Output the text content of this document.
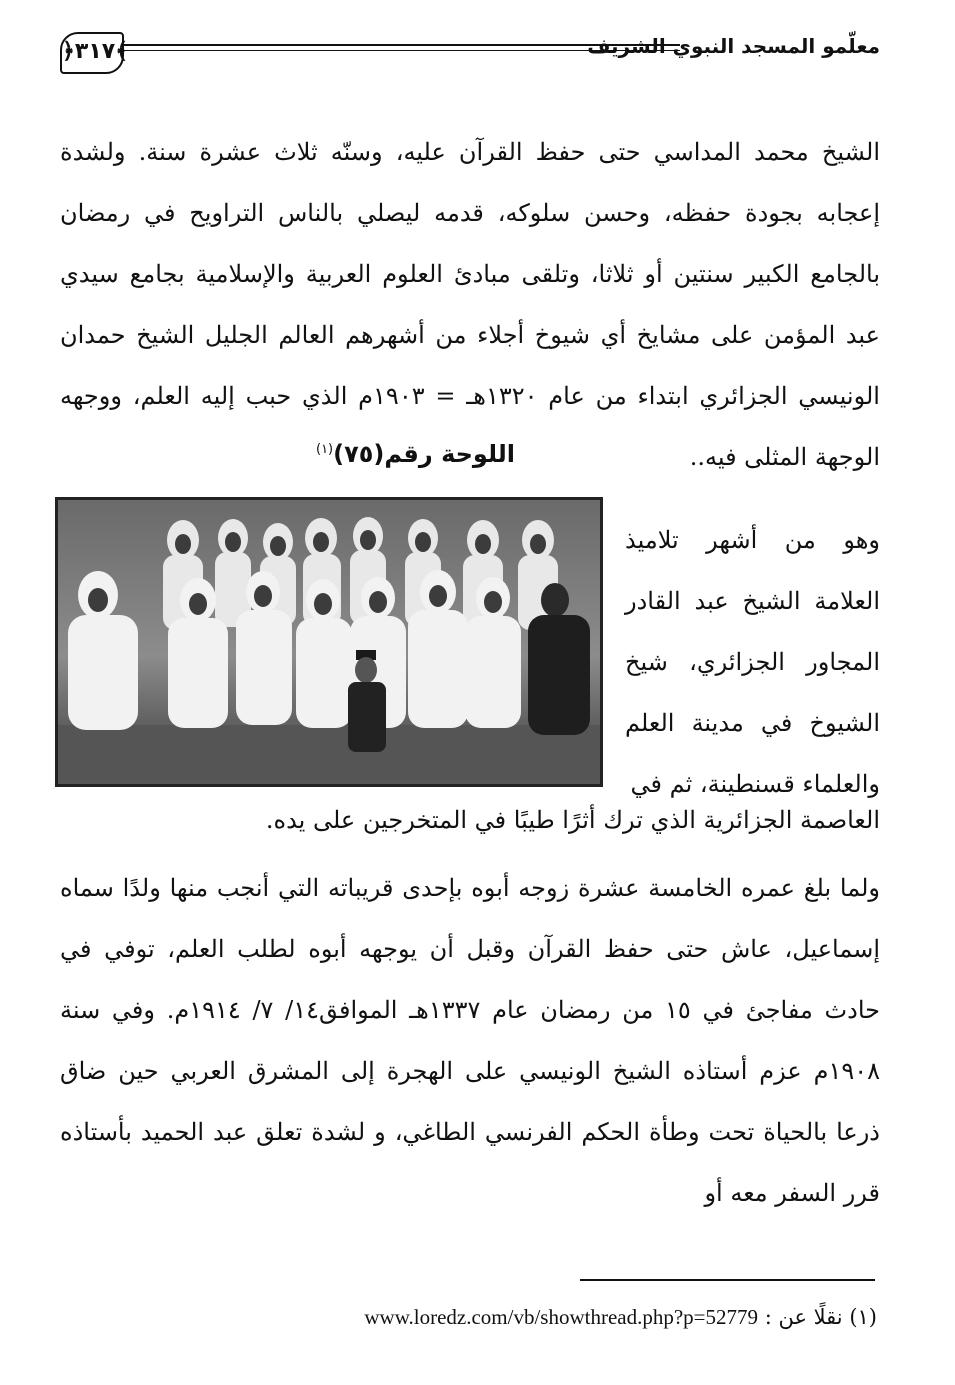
﴿٣١٧﴾	معلّمو المسجد النبوي الشريف
الشيخ محمد المداسي حتى حفظ القرآن عليه، وسنّه ثلاث عشرة سنة. ولشدة إعجابه بجودة حفظه، وحسن سلوكه، قدمه ليصلي بالناس التراويح في رمضان بالجامع الكبير سنتين أو ثلاثا، وتلقى مبادئ العلوم العربية والإسلامية بجامع سيدي عبد المؤمن على مشايخ أي شيوخ أجلاء من أشهرهم العالم الجليل الشيخ حمدان الونيسي الجزائري ابتداء من عام ١٣٢٠هـ = ١٩٠٣م الذي حبب إليه العلم، ووجهه الوجهة المثلى فيه..
اللوحة رقم(٧٥)$^{(١)}$
وهو من أشهر تلاميذ العلامة الشيخ عبد القادر المجاور الجزائري، شيخ الشيوخ في مدينة العلم والعلماء قسنطينة، ثم في
العاصمة الجزائرية الذي ترك أثرًا طيبًا في المتخرجين على يده.
ولما بلغ عمره الخامسة عشرة زوجه أبوه بإحدى قريباته التي أنجب منها ولدًا سماه إسماعيل، عاش حتى حفظ القرآن وقبل أن يوجهه أبوه لطلب العلم، توفي في حادث مفاجئ في ١٥ من رمضان عام ١٣٣٧هـ الموافق١٤/ ٧/ ١٩١٤م. وفي سنة ١٩٠٨م عزم أستاذه الشيخ الونيسي على الهجرة إلى المشرق العربي حين ضاق ذرعا بالحياة تحت وطأة الحكم الفرنسي الطاغي، و لشدة تعلق عبد الحميد بأستاذه قرر السفر معه أو
(١) نقلًا عن : www.loredz.com/vb/showthread.php?p=52779
